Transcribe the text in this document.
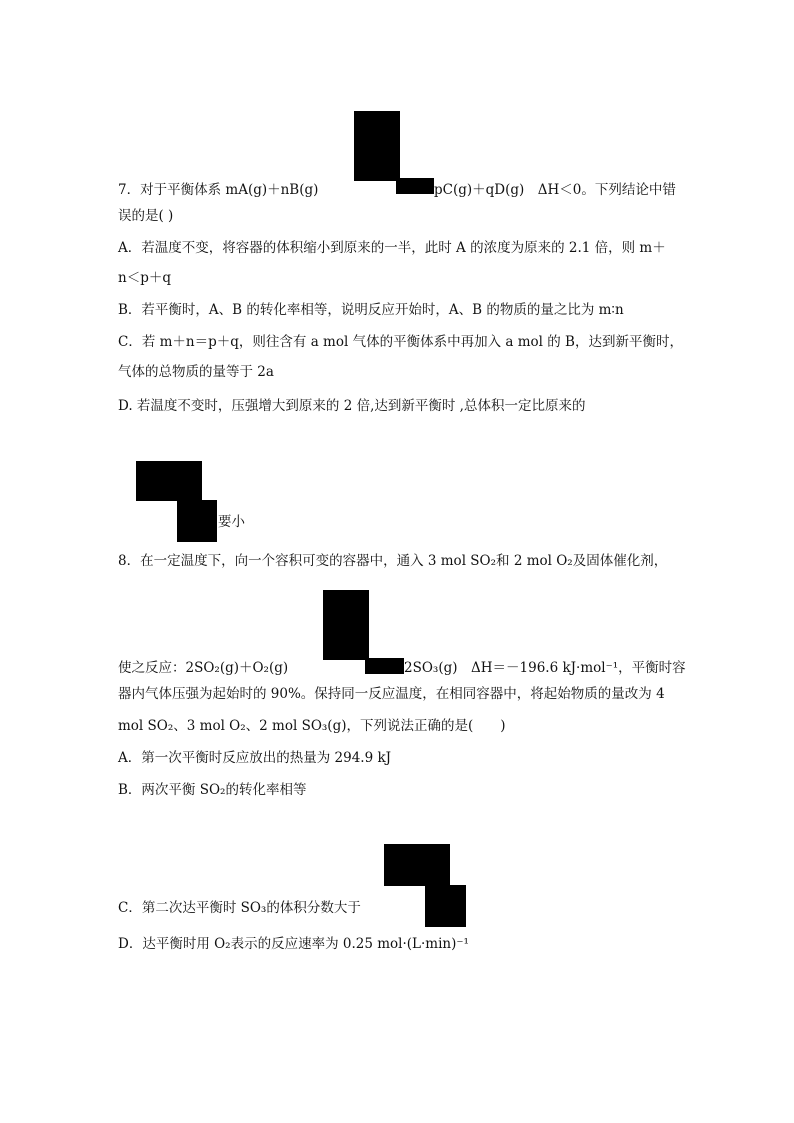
7．对于平衡体系 mA(g)＋nB(g)	pC(g)＋qD(g)　ΔH＜0。下列结论中错
误的是( )
A．若温度不变，将容器的体积缩小到原来的一半，此时 A 的浓度为原来的 2.1 倍，则 m＋
n＜p＋q
B．若平衡时，A、B 的转化率相等，说明反应开始时，A、B 的物质的量之比为 m∶n
C．若 m＋n＝p＋q，则往含有 a mol 气体的平衡体系中再加入 a mol 的 B，达到新平衡时，
气体的总物质的量等于 2a
D. 若温度不变时，压强增大到原来的 2 倍,达到新平衡时 ,总体积一定比原来的
要小
8．在一定温度下，向一个容积可变的容器中，通入 3 mol SO₂和 2 mol O₂及固体催化剂，
使之反应：2SO₂(g)＋O₂(g)	2SO₃(g)　ΔH＝－196.6 kJ·mol⁻¹，平衡时容
器内气体压强为起始时的 90%。保持同一反应温度，在相同容器中，将起始物质的量改为 4
mol SO₂、3 mol O₂、2 mol SO₃(g)，下列说法正确的是(　　)
A．第一次平衡时反应放出的热量为 294.9 kJ
B．两次平衡 SO₂的转化率相等
C．第二次达平衡时 SO₃的体积分数大于
D．达平衡时用 O₂表示的反应速率为 0.25 mol·(L·min)⁻¹
